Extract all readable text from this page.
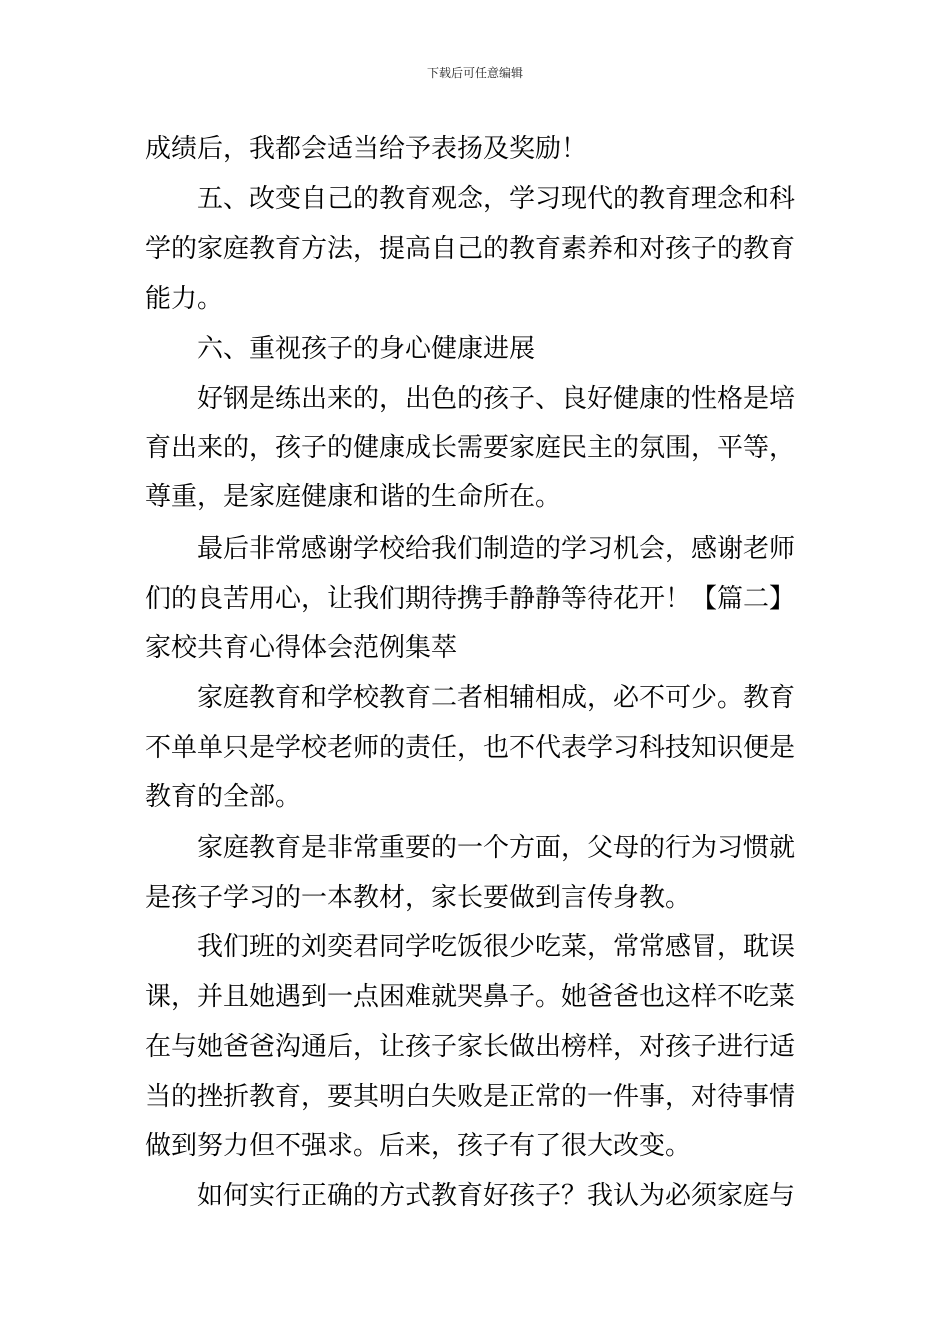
下载后可任意编辑
成绩后，我都会适当给予表扬及奖励！
　　五、改变自己的教育观念，学习现代的教育理念和科
学的家庭教育方法，提高自己的教育素养和对孩子的教育
能力。
　　六、重视孩子的身心健康进展
　　好钢是练出来的，出色的孩子、良好健康的性格是培
育出来的，孩子的健康成长需要家庭民主的氛围，平等，
尊重，是家庭健康和谐的生命所在。
　　最后非常感谢学校给我们制造的学习机会，感谢老师
们的良苦用心，让我们期待携手静静等待花开！【篇二】
家校共育心得体会范例集萃
　　家庭教育和学校教育二者相辅相成，必不可少。教育
不单单只是学校老师的责任，也不代表学习科技知识便是
教育的全部。
　　家庭教育是非常重要的一个方面，父母的行为习惯就
是孩子学习的一本教材，家长要做到言传身教。
　　我们班的刘奕君同学吃饭很少吃菜，常常感冒，耽误
课，并且她遇到一点困难就哭鼻子。她爸爸也这样不吃菜
在与她爸爸沟通后，让孩子家长做出榜样，对孩子进行适
当的挫折教育，要其明白失败是正常的一件事，对待事情
做到努力但不强求。后来，孩子有了很大改变。
　　如何实行正确的方式教育好孩子？我认为必须家庭与
